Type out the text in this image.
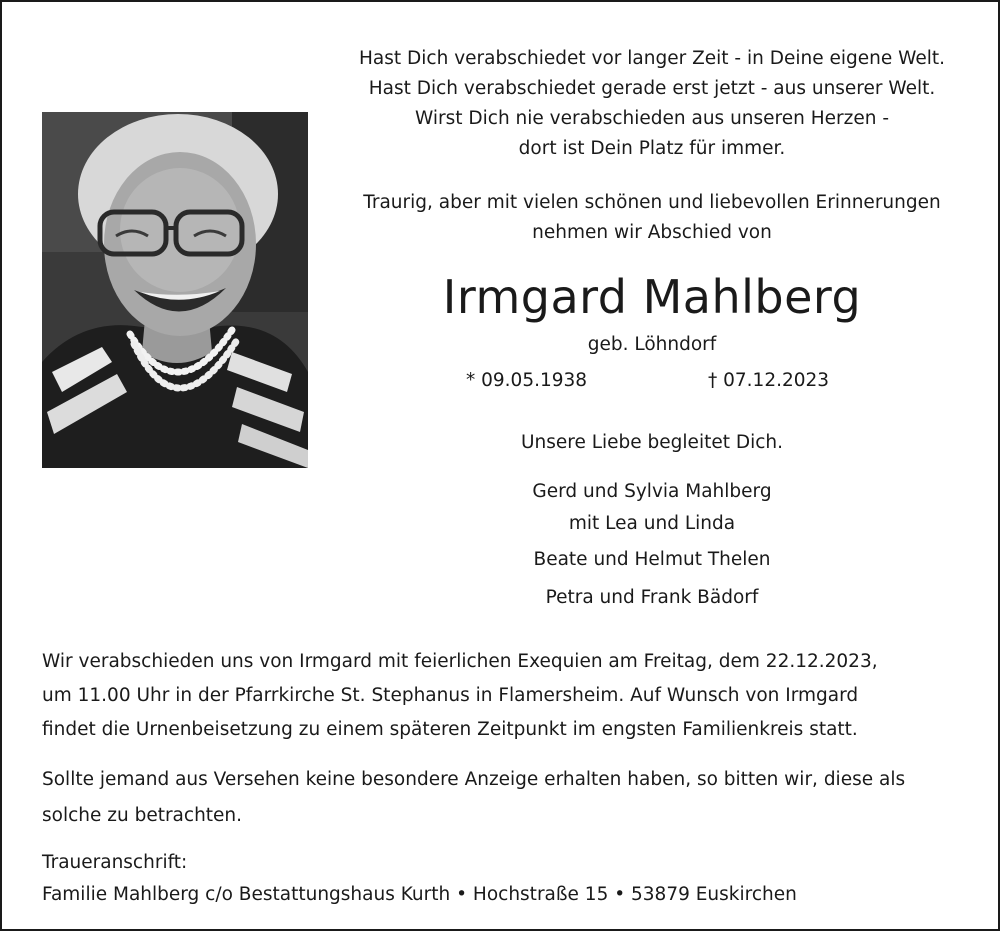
Hast Dich verabschiedet vor langer Zeit - in Deine eigene Welt.
Hast Dich verabschiedet gerade erst jetzt - aus unserer Welt.
Wirst Dich nie verabschieden aus unseren Herzen -
dort ist Dein Platz für immer.
Traurig, aber mit vielen schönen und liebevollen Erinnerungen
nehmen wir Abschied von
Irmgard Mahlberg
geb. Löhndorf
* 09.05.1938	† 07.12.2023
Unsere Liebe begleitet Dich.
Gerd und Sylvia Mahlberg
mit Lea und Linda
Beate und Helmut Thelen
Petra und Frank Bädorf
Wir verabschieden uns von Irmgard mit feierlichen Exequien am Freitag, dem 22.12.2023,
um 11.00 Uhr in der Pfarrkirche St. Stephanus in Flamersheim. Auf Wunsch von Irmgard
findet die Urnenbeisetzung zu einem späteren Zeitpunkt im engsten Familienkreis statt.
Sollte jemand aus Versehen keine besondere Anzeige erhalten haben, so bitten wir, diese als
solche zu betrachten.
Traueranschrift:
Familie Mahlberg c/o Bestattungshaus Kurth • Hochstraße 15 • 53879 Euskirchen
